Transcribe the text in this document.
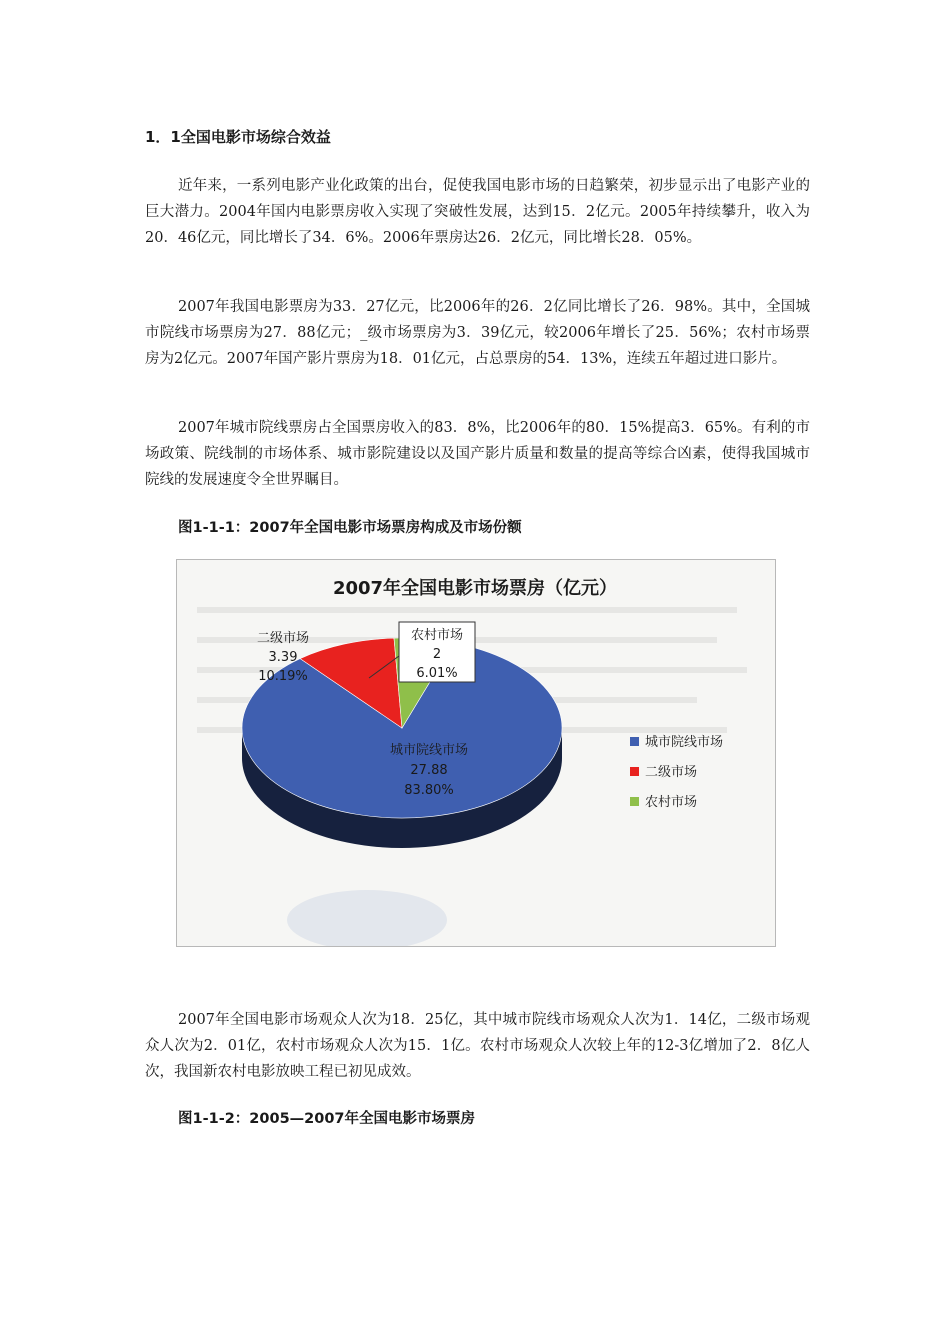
1．1全国电影市场综合效益

近年来，一系列电影产业化政策的出台，促使我国电影市场的日趋繁荣，初步显示出了电影产业的巨大潜力。2004年国内电影票房收入实现了突破性发展，达到15．2亿元。2005年持续攀升，收入为20．46亿元，同比增长了34．6%。2006年票房达26．2亿元，同比增长28．05%。

2007年我国电影票房为33．27亿元，比2006年的26．2亿同比增长了26．98%。其中，全国城市院线市场票房为27．88亿元；_级市场票房为3．39亿元，较2006年增长了25．56%；农村市场票房为2亿元。2007年国产影片票房为18．01亿元，占总票房的54．13%，连续五年超过进口影片。

2007年城市院线票房占全国票房收入的83．8%，比2006年的80．15%提高3．65%。有利的市场政策、院线制的市场体系、城市影院建设以及国产影片质量和数量的提高等综合凶素，使得我国城市院线的发展速度令全世界瞩目。

图1-1-1：2007年全国电影市场票房构成及市场份额
2007年全国电影市场票房（亿元）
城市院线市场
27.88
83.80%
二级市场
3.39
10.19%
农村市场
2
6.01%
城市院线市场
二级市场
农村市场

2007年全国电影市场观众人次为18．25亿，其中城市院线市场观众人次为1．14亿，二级市场观众人次为2．01亿，农村市场观众人次为15．1亿。农村市场观众人次较上年的12-3亿增加了2．8亿人次，我国新农村电影放映工程已初见成效。

图1-1-2：2005—2007年全国电影市场票房
